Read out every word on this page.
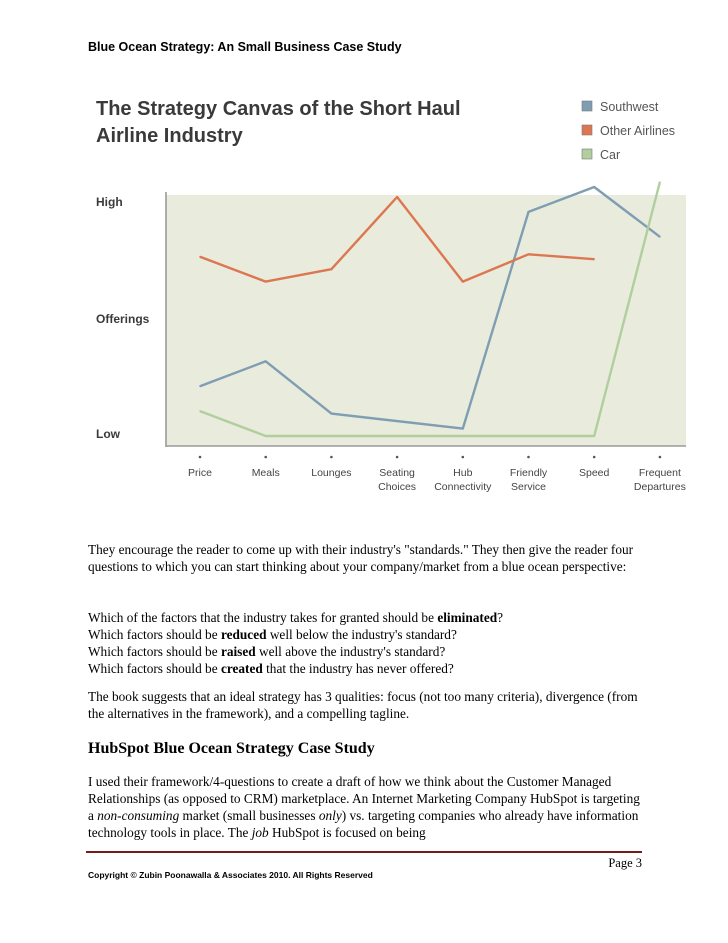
Blue Ocean Strategy: An Small Business Case Study
The Strategy Canvas of the Short Haul
Airline Industry
High
Offerings
Low
Southwest
Other Airlines
Car
Price	Meals	Lounges	Seating
Choices
Hub
Connectivity
Friendly
Service
Speed	Frequent
Departures

They encourage the reader to come up with their industry's "standards." They then give the reader four questions to which you can start thinking about your company/market from a blue ocean perspective:

Which of the factors that the industry takes for granted should be eliminated?
Which factors should be reduced well below the industry's standard?
Which factors should be raised well above the industry's standard?
Which factors should be created that the industry has never offered?

The book suggests that an ideal strategy has 3 qualities: focus (not too many criteria), divergence (from the alternatives in the framework), and a compelling tagline.

HubSpot Blue Ocean Strategy Case Study

I used their framework/4-questions to create a draft of how we think about the Customer Managed Relationships (as opposed to CRM) marketplace. An Internet Marketing Company HubSpot is targeting a non-consuming market (small businesses only) vs. targeting companies who already have information technology tools in place. The job HubSpot is focused on being

Page 3
Copyright © Zubin Poonawalla & Associates 2010. All Rights Reserved
